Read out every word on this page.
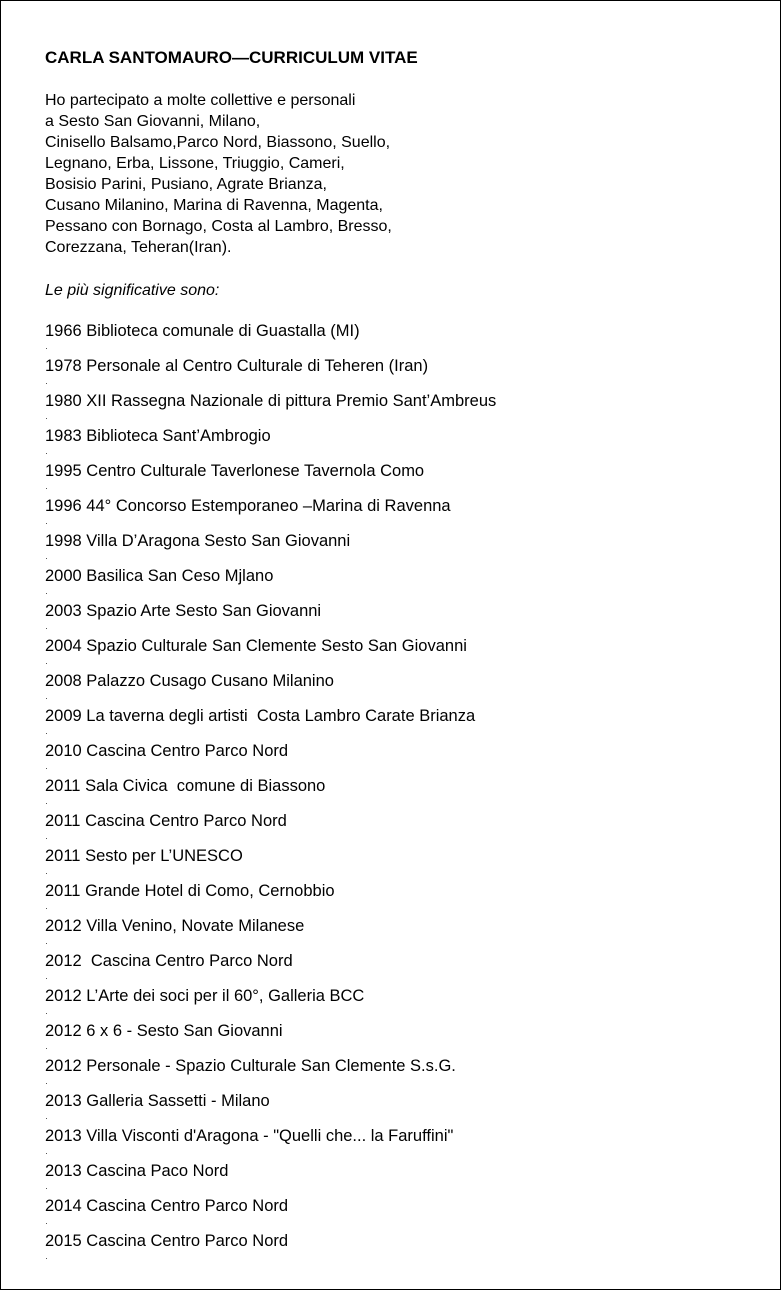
CARLA SANTOMAURO—CURRICULUM VITAE
Ho partecipato a molte collettive e personali
a Sesto San Giovanni, Milano,
Cinisello Balsamo,Parco Nord, Biassono, Suello,
Legnano, Erba, Lissone, Triuggio, Cameri,
Bosisio Parini, Pusiano, Agrate Brianza,
Cusano Milanino, Marina di Ravenna, Magenta,
Pessano con Bornago, Costa al Lambro, Bresso,
Corezzana, Teheran(Iran).
Le più significative sono:
1966 Biblioteca comunale di Guastalla (MI)
1978 Personale al Centro Culturale di Teheren (Iran)
1980 XII Rassegna Nazionale di pittura Premio Sant’Ambreus
1983 Biblioteca Sant’Ambrogio
1995 Centro Culturale Taverlonese Tavernola Como
1996 44° Concorso Estemporaneo –Marina di Ravenna
1998 Villa D’Aragona Sesto San Giovanni
2000 Basilica San Ceso Mjlano
2003 Spazio Arte Sesto San Giovanni
2004 Spazio Culturale San Clemente Sesto San Giovanni
2008 Palazzo Cusago Cusano Milanino
2009 La taverna degli artisti  Costa Lambro Carate Brianza
2010 Cascina Centro Parco Nord
2011 Sala Civica  comune di Biassono
2011 Cascina Centro Parco Nord
2011 Sesto per L’UNESCO
2011 Grande Hotel di Como, Cernobbio
2012 Villa Venino, Novate Milanese
2012  Cascina Centro Parco Nord
2012 L’Arte dei soci per il 60°, Galleria BCC
2012 6 x 6 - Sesto San Giovanni
2012 Personale - Spazio Culturale San Clemente S.s.G.
2013 Galleria Sassetti - Milano
2013 Villa Visconti d'Aragona - "Quelli che... la Faruffini"
2013 Cascina Paco Nord
2014 Cascina Centro Parco Nord
2015 Cascina Centro Parco Nord
